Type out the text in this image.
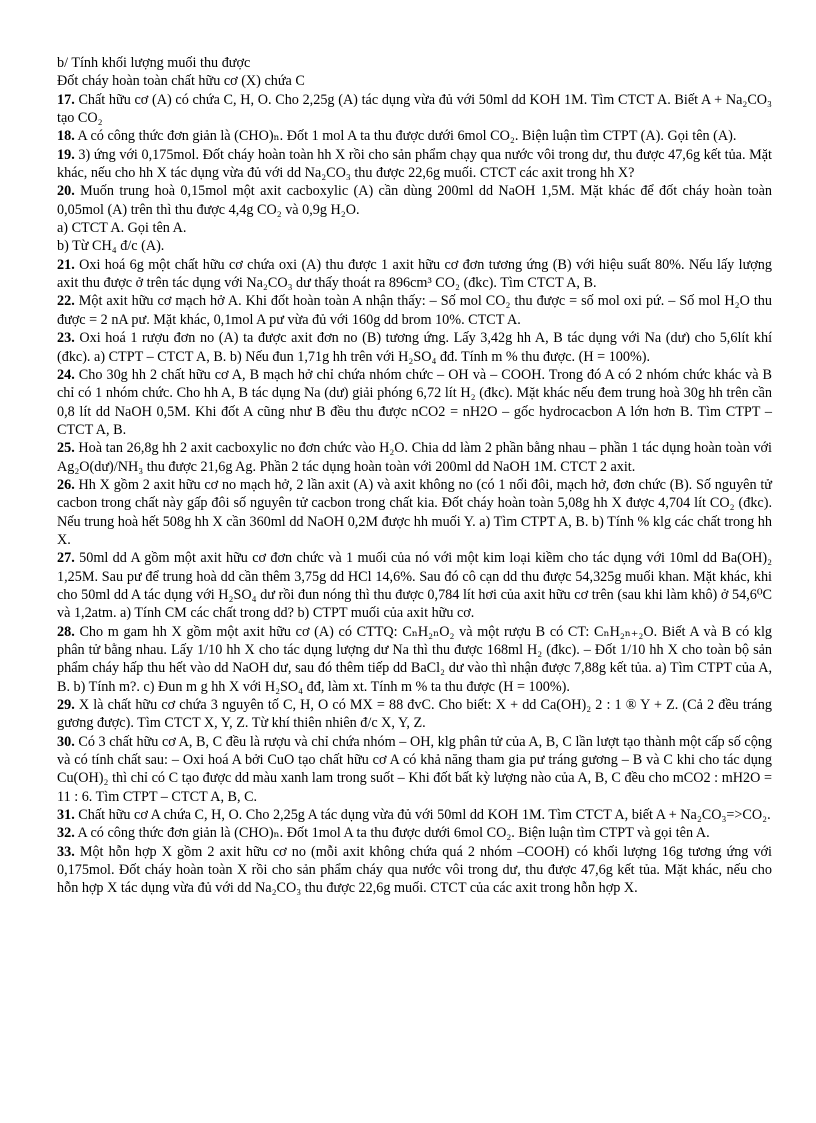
b/ Tính khối lượng muối thu được

Đốt cháy hoàn toàn chất hữu cơ (X) chứa C

17. Chất hữu cơ (A) có chứa C, H, O. Cho 2,25g (A) tác dụng vừa đủ với 50ml dd KOH 1M. Tìm CTCT A. Biết A + Na₂CO₃ tạo CO₂

18. A có công thức đơn giản là (CHO)ₙ. Đốt 1 mol A ta thu được dưới 6mol CO₂. Biện luận tìm CTPT (A). Gọi tên (A).

19. 3) ứng với 0,175mol. Đốt cháy hoàn toàn hh X rồi cho sản phẩm chạy qua nước vôi trong dư, thu được 47,6g kết tủa. Mặt khác, nếu cho hh X tác dụng vừa đủ với dd Na₂CO₃ thu được 22,6g muối. CTCT các axit trong hh X?

20. Muốn trung hoà 0,15mol một axit cacboxylic (A) cần dùng 200ml dd NaOH 1,5M. Mặt khác để đốt cháy hoàn toàn 0,05mol (A) trên thì thu được 4,4g CO₂ và 0,9g H₂O.

a) CTCT A. Gọi tên A.

b) Từ CH₄ đ/c (A).

21. Oxi hoá 6g một chất hữu cơ chứa oxi (A) thu được 1 axit hữu cơ đơn tương ứng (B) với hiệu suất 80%. Nếu lấy lượng axit thu được ở trên tác dụng với Na₂CO₃ dư thấy thoát ra 896cm³ CO₂ (đkc). Tìm CTCT A, B.

22. Một axit hữu cơ mạch hở A. Khi đốt hoàn toàn A nhận thấy: – Số mol CO₂ thu được = số mol oxi pứ. – Số mol H₂O thu được = 2 nA pư. Mặt khác, 0,1mol A pư vừa đủ với 160g dd brom 10%. CTCT A.

23. Oxi hoá 1 rượu đơn no (A) ta được axit đơn no (B) tương ứng. Lấy 3,42g hh A, B tác dụng với Na (dư) cho 5,6lít khí (đkc). a) CTPT – CTCT A, B. b) Nếu đun 1,71g hh trên với H₂SO₄ đđ. Tính m % thu được. (H = 100%).

24. Cho 30g hh 2 chất hữu cơ A, B mạch hở chỉ chứa nhóm chức – OH và – COOH. Trong đó A có 2 nhóm chức khác và B chỉ có 1 nhóm chức. Cho hh A, B tác dụng Na (dư) giải phóng 6,72 lít H₂ (đkc). Mặt khác nếu đem trung hoà 30g hh trên cần 0,8 lít dd NaOH 0,5M. Khi đốt A cũng như B đều thu được nCO2 = nH2O – gốc hydrocacbon A lớn hơn B. Tìm CTPT – CTCT A, B.

25. Hoà tan 26,8g hh 2 axit cacboxylic no đơn chức vào H₂O. Chia dd làm 2 phần bằng nhau – phần 1 tác dụng hoàn toàn với Ag₂O(dư)/NH₃ thu được 21,6g Ag. Phần 2 tác dụng hoàn toàn với 200ml dd NaOH 1M. CTCT 2 axit.

26. Hh X gồm 2 axit hữu cơ no mạch hở, 2 lần axit (A) và axit không no (có 1 nối đôi, mạch hở, đơn chức (B). Số nguyên tử cacbon trong chất này gấp đôi số nguyên tử cacbon trong chất kia. Đốt cháy hoàn toàn 5,08g hh X được 4,704 lít CO₂ (đkc). Nếu trung hoà hết 508g hh X cần 360ml dd NaOH 0,2M được hh muối Y. a) Tìm CTPT A, B. b) Tính % klg các chất trong hh X.

27. 50ml dd A gồm một axit hữu cơ đơn chức và 1 muối của nó với một kim loại kiềm cho tác dụng với 10ml dd Ba(OH)₂ 1,25M. Sau pư để trung hoà dd cần thêm 3,75g dd HCl 14,6%. Sau đó cô cạn dd thu được 54,325g muối khan. Mặt khác, khi cho 50ml dd A tác dụng với H₂SO₄ dư rồi đun nóng thì thu được 0,784 lít hơi của axit hữu cơ trên (sau khi làm khô) ở 54,6⁰C và 1,2atm. a) Tính CM các chất trong dd? b) CTPT muối của axit hữu cơ.

28. Cho m gam hh X gồm một axit hữu cơ (A) có CTTQ: CₙH₂ₙO₂ và một rượu B có CT: CₙH₂ₙ₊₂O. Biết A và B có klg phân tử bằng nhau. Lấy 1/10 hh X cho tác dụng lượng dư Na thì thu được 168ml H₂ (đkc). – Đốt 1/10 hh X cho toàn bộ sản phẩm cháy hấp thu hết vào dd NaOH dư, sau đó thêm tiếp dd BaCl₂ dư vào thì nhận được 7,88g kết tủa. a) Tìm CTPT của A, B. b) Tính m?. c) Đun m g hh X với H₂SO₄ đđ, làm xt. Tính m % ta thu được (H = 100%).

29. X là chất hữu cơ chứa 3 nguyên tố C, H, O có MX = 88 đvC. Cho biết: X + dd Ca(OH)₂ 2 : 1 ® Y + Z. (Cả 2 đều tráng gương được). Tìm CTCT X, Y, Z. Từ khí thiên nhiên đ/c X, Y, Z.

30. Có 3 chất hữu cơ A, B, C đều là rượu và chỉ chứa nhóm – OH, klg phân tử của A, B, C lần lượt tạo thành một cấp số cộng và có tính chất sau: – Oxi hoá A bởi CuO tạo chất hữu cơ A có khả năng tham gia pư tráng gương – B và C khi cho tác dụng Cu(OH)₂ thì chỉ có C tạo được dd màu xanh lam trong suốt – Khi đốt bất kỳ lượng nào của A, B, C đều cho mCO2 : mH2O = 11 : 6. Tìm CTPT – CTCT A, B, C.

31. Chất hữu cơ A chứa C, H, O. Cho 2,25g A tác dụng vừa đủ với 50ml dd KOH 1M. Tìm CTCT A, biết A + Na₂CO₃=>CO₂.

32. A có công thức đơn giản là (CHO)ₙ. Đốt 1mol A ta thu được dưới 6mol CO₂. Biện luận tìm CTPT và gọi tên A.

33. Một hỗn hợp X gồm 2 axit hữu cơ no (mỗi axit không chứa quá 2 nhóm –COOH) có khối lượng 16g tương ứng với 0,175mol. Đốt cháy hoàn toàn X rồi cho sản phẩm cháy qua nước vôi trong dư, thu được 47,6g kết tủa. Mặt khác, nếu cho hỗn hợp X tác dụng vừa đủ với dd Na₂CO₃ thu được 22,6g muối. CTCT của các axit trong hỗn hợp X.
